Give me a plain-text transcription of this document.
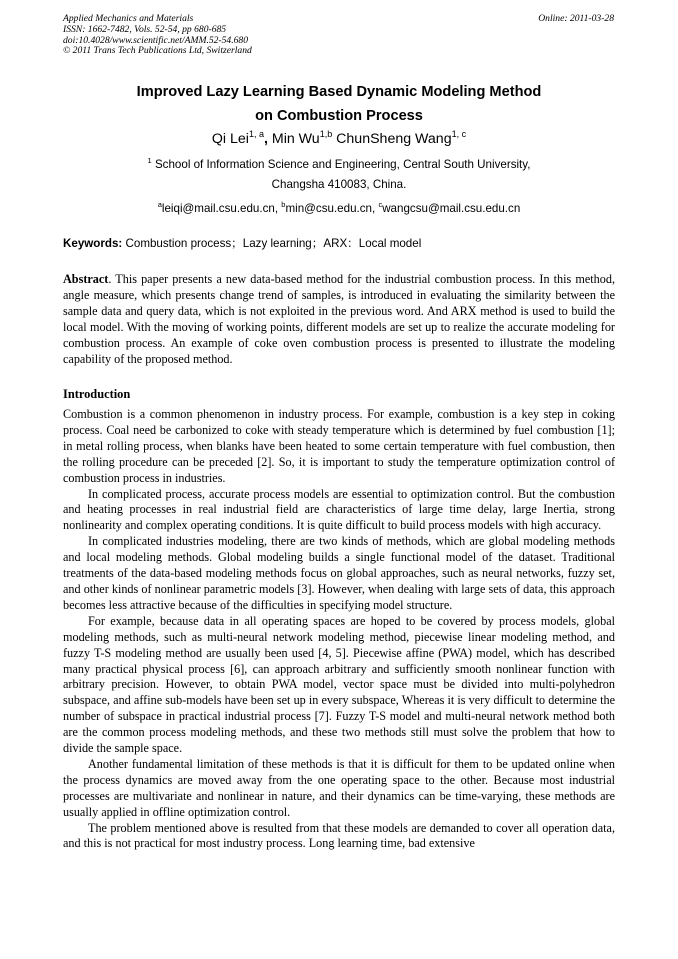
Applied Mechanics and Materials
ISSN: 1662-7482, Vols. 52-54, pp 680-685
doi:10.4028/www.scientific.net/AMM.52-54.680
© 2011 Trans Tech Publications Ltd, Switzerland
Online: 2011-03-28
Improved Lazy Learning Based Dynamic Modeling Method
on Combustion Process
Qi Lei$^{1, a}$, Min Wu$^{1,b}$ ChunSheng Wang$^{1, c}$
$^1$ School of Information Science and Engineering, Central South University,
Changsha 410083, China.
$^a$leiqi@mail.csu.edu.cn, $^b$min@csu.edu.cn, $^c$wangcsu@mail.csu.edu.cn
Keywords: Combustion process；Lazy learning；ARX：Local model

Abstract. This paper presents a new data-based method for the industrial combustion process. In this method, angle measure, which presents change trend of samples, is introduced in evaluating the similarity between the sample data and query data, which is not exploited in the previous word. And ARX method is used to build the local model. With the moving of working points, different models are set up to realize the accurate modeling for combustion process. An example of coke oven combustion process is presented to illustrate the modeling capability of the proposed method.

Introduction

Combustion is a common phenomenon in industry process. For example, combustion is a key step in coking process. Coal need be carbonized to coke with steady temperature which is determined by fuel combustion [1]; in metal rolling process, when blanks have been heated to some certain temperature with fuel combustion, then the rolling procedure can be preceded [2]. So, it is important to study the temperature optimization control of combustion process in industries.

In complicated process, accurate process models are essential to optimization control. But the combustion and heating processes in real industrial field are characteristics of large time delay, large Inertia, strong nonlinearity and complex operating conditions. It is quite difficult to build process models with high accuracy.

In complicated industries modeling, there are two kinds of methods, which are global modeling methods and local modeling methods. Global modeling builds a single functional model of the dataset. Traditional treatments of the data-based modeling methods focus on global approaches, such as neural networks, fuzzy set, and other kinds of nonlinear parametric models [3]. However, when dealing with large sets of data, this approach becomes less attractive because of the difficulties in specifying model structure.

For example, because data in all operating spaces are hoped to be covered by process models, global modeling methods, such as multi-neural network modeling method, piecewise linear modeling method, and fuzzy T-S modeling method are usually been used [4, 5]. Piecewise affine (PWA) model, which has described many practical physical process [6], can approach arbitrary and sufficiently smooth nonlinear function with arbitrary precision. However, to obtain PWA model, vector space must be divided into multi-polyhedron subspace, and affine sub-models have been set up in every subspace, Whereas it is very difficult to determine the number of subspace in practical industrial process [7]. Fuzzy T-S model and multi-neural network method both are the common process modeling methods, and these two methods still must solve the problem that how to divide the sample space.

Another fundamental limitation of these methods is that it is difficult for them to be updated online when the process dynamics are moved away from the one operating space to the other. Because most industrial processes are multivariate and nonlinear in nature, and their dynamics can be time-varying, these methods are usually applied in offline optimization control.

The problem mentioned above is resulted from that these models are demanded to cover all operation data, and this is not practical for most industry process. Long learning time, bad extensive
